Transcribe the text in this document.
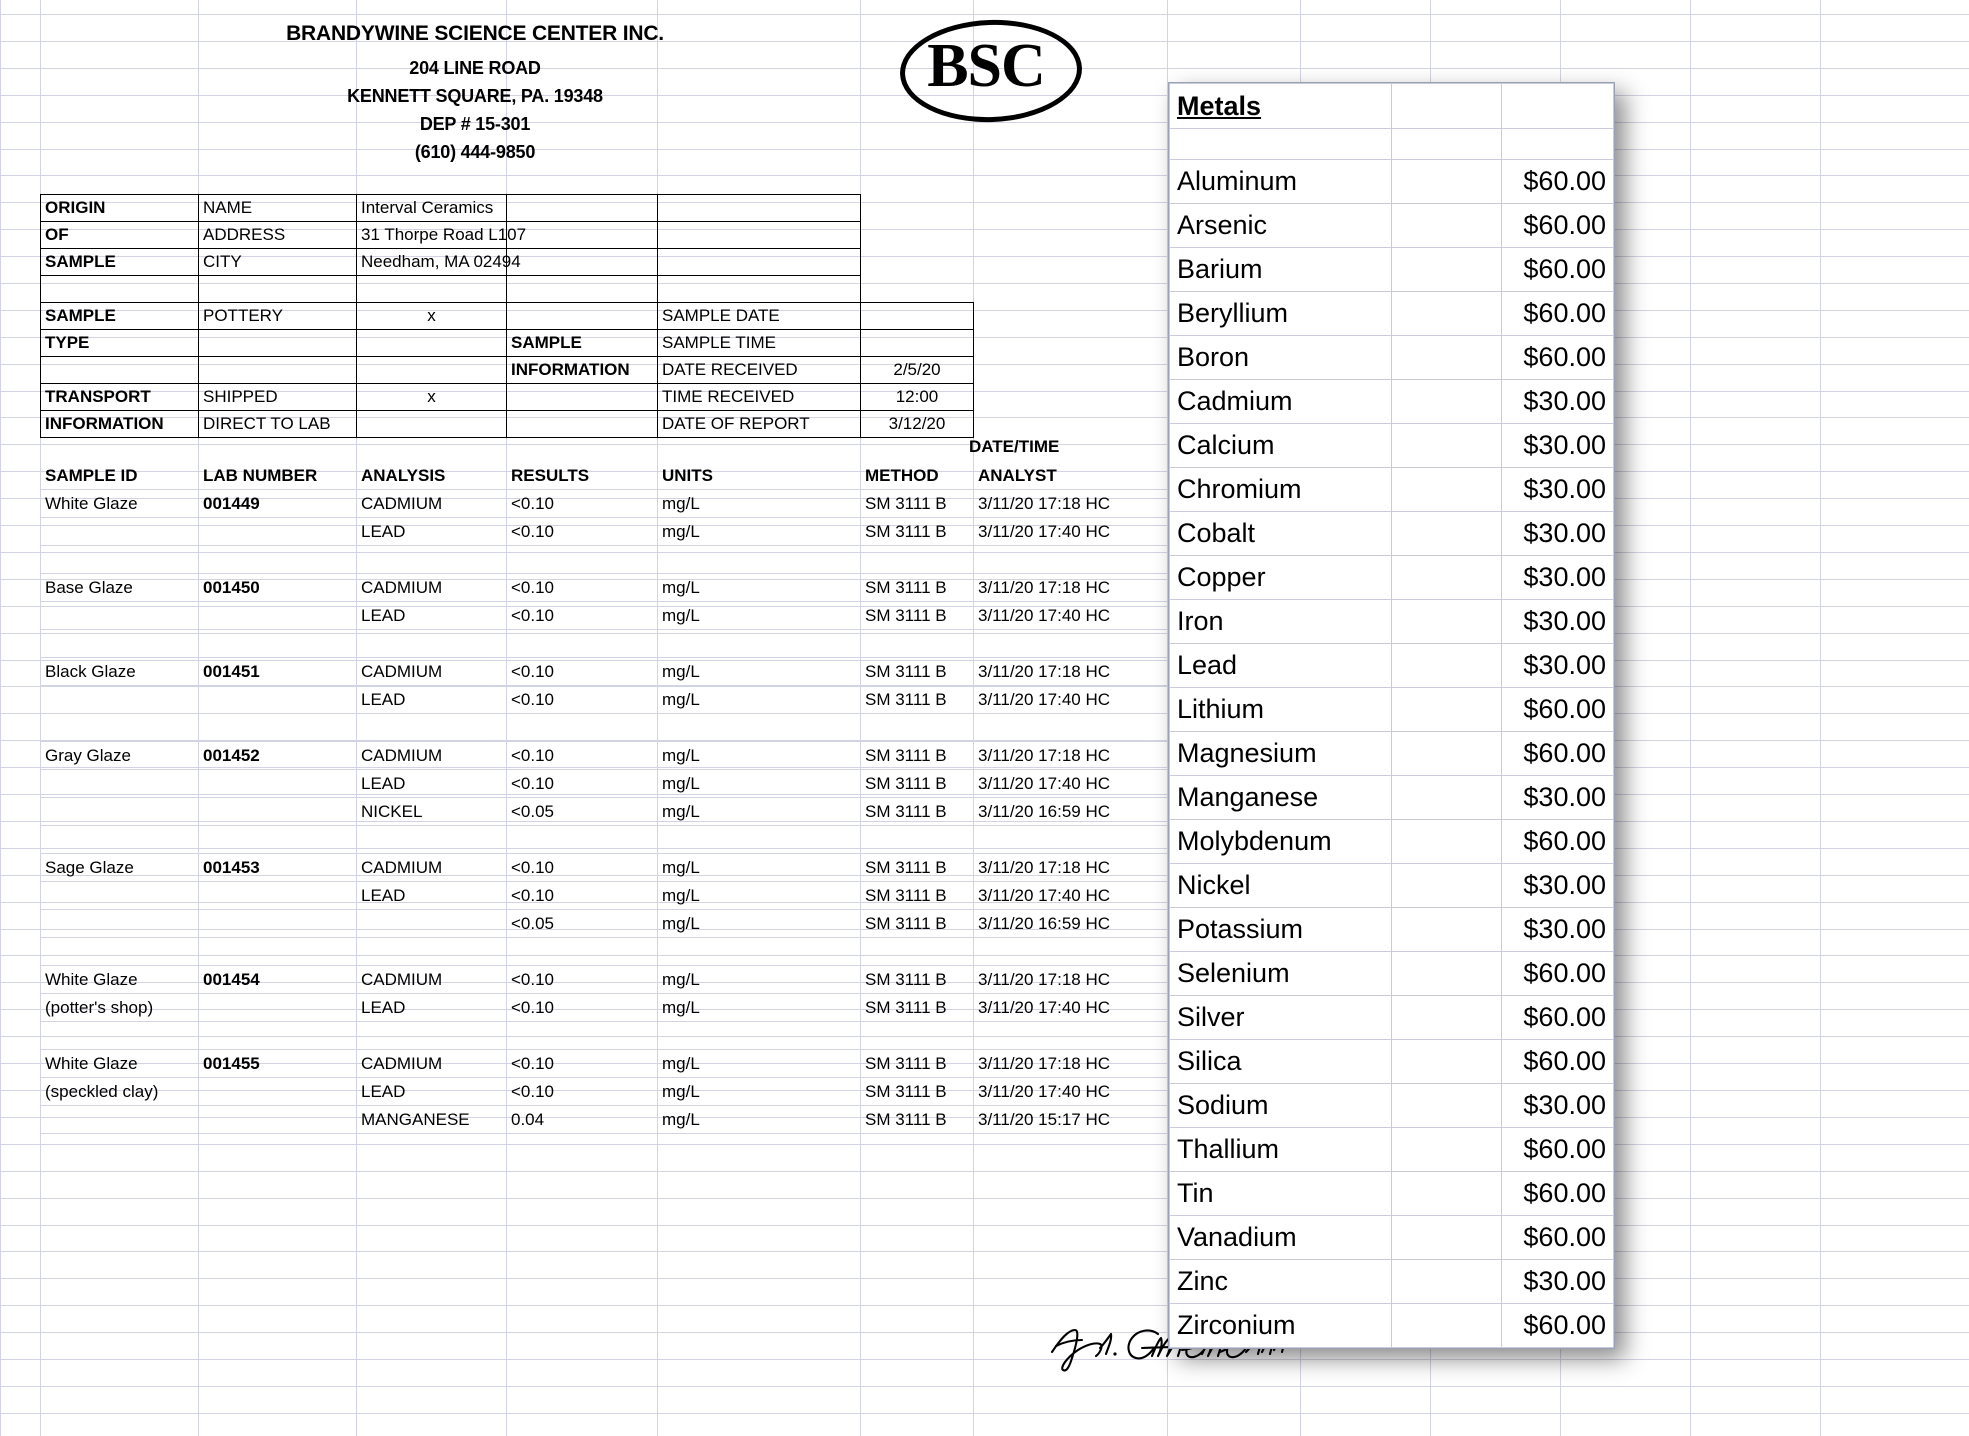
BRANDYWINE SCIENCE CENTER INC.
204 LINE ROAD
KENNETT SQUARE, PA. 19348
DEP # 15-301
(610) 444-9850
BSC
ORIGIN	NAME	Interval Ceramics				
OF	ADDRESS	31 Thorpe Road L107				
SAMPLE	CITY	Needham, MA 02494				

SAMPLE	POTTERY	x		SAMPLE DATE		
TYPE			SAMPLE	SAMPLE TIME		
			INFORMATION	DATE RECEIVED	2/5/20	
TRANSPORT	SHIPPED	x		TIME RECEIVED	12:00	
INFORMATION	DIRECT TO LAB			DATE OF REPORT	3/12/20	
DATE/TIME
SAMPLE ID	LAB NUMBER	ANALYSIS	RESULTS	UNITS	METHOD	ANALYST
White Glaze	001449	CADMIUM	<0.10	mg/L	SM 3111 B	3/11/20 17:18 HC
		LEAD	<0.10	mg/L	SM 3111 B	3/11/20 17:40 HC

Base Glaze	001450	CADMIUM	<0.10	mg/L	SM 3111 B	3/11/20 17:18 HC
		LEAD	<0.10	mg/L	SM 3111 B	3/11/20 17:40 HC

Black Glaze	001451	CADMIUM	<0.10	mg/L	SM 3111 B	3/11/20 17:18 HC
		LEAD	<0.10	mg/L	SM 3111 B	3/11/20 17:40 HC

Gray Glaze	001452	CADMIUM	<0.10	mg/L	SM 3111 B	3/11/20 17:18 HC
		LEAD	<0.10	mg/L	SM 3111 B	3/11/20 17:40 HC
		NICKEL	<0.05	mg/L	SM 3111 B	3/11/20 16:59 HC

Sage Glaze	001453	CADMIUM	<0.10	mg/L	SM 3111 B	3/11/20 17:18 HC
		LEAD	<0.10	mg/L	SM 3111 B	3/11/20 17:40 HC
			<0.05	mg/L	SM 3111 B	3/11/20 16:59 HC

White Glaze	001454	CADMIUM	<0.10	mg/L	SM 3111 B	3/11/20 17:18 HC
(potter's shop)		LEAD	<0.10	mg/L	SM 3111 B	3/11/20 17:40 HC

White Glaze	001455	CADMIUM	<0.10	mg/L	SM 3111 B	3/11/20 17:18 HC
(speckled clay)		LEAD	<0.10	mg/L	SM 3111 B	3/11/20 17:40 HC
		MANGANESE	0.04	mg/L	SM 3111 B	3/11/20 15:17 HC
Metals		

Aluminum		$60.00
Arsenic		$60.00
Barium		$60.00
Beryllium		$60.00
Boron		$60.00
Cadmium		$30.00
Calcium		$30.00
Chromium		$30.00
Cobalt		$30.00
Copper		$30.00
Iron		$30.00
Lead		$30.00
Lithium		$60.00
Magnesium		$60.00
Manganese		$30.00
Molybdenum		$60.00
Nickel		$30.00
Potassium		$30.00
Selenium		$60.00
Silver		$60.00
Silica		$60.00
Sodium		$30.00
Thallium		$60.00
Tin		$60.00
Vanadium		$60.00
Zinc		$30.00
Zirconium		$60.00
